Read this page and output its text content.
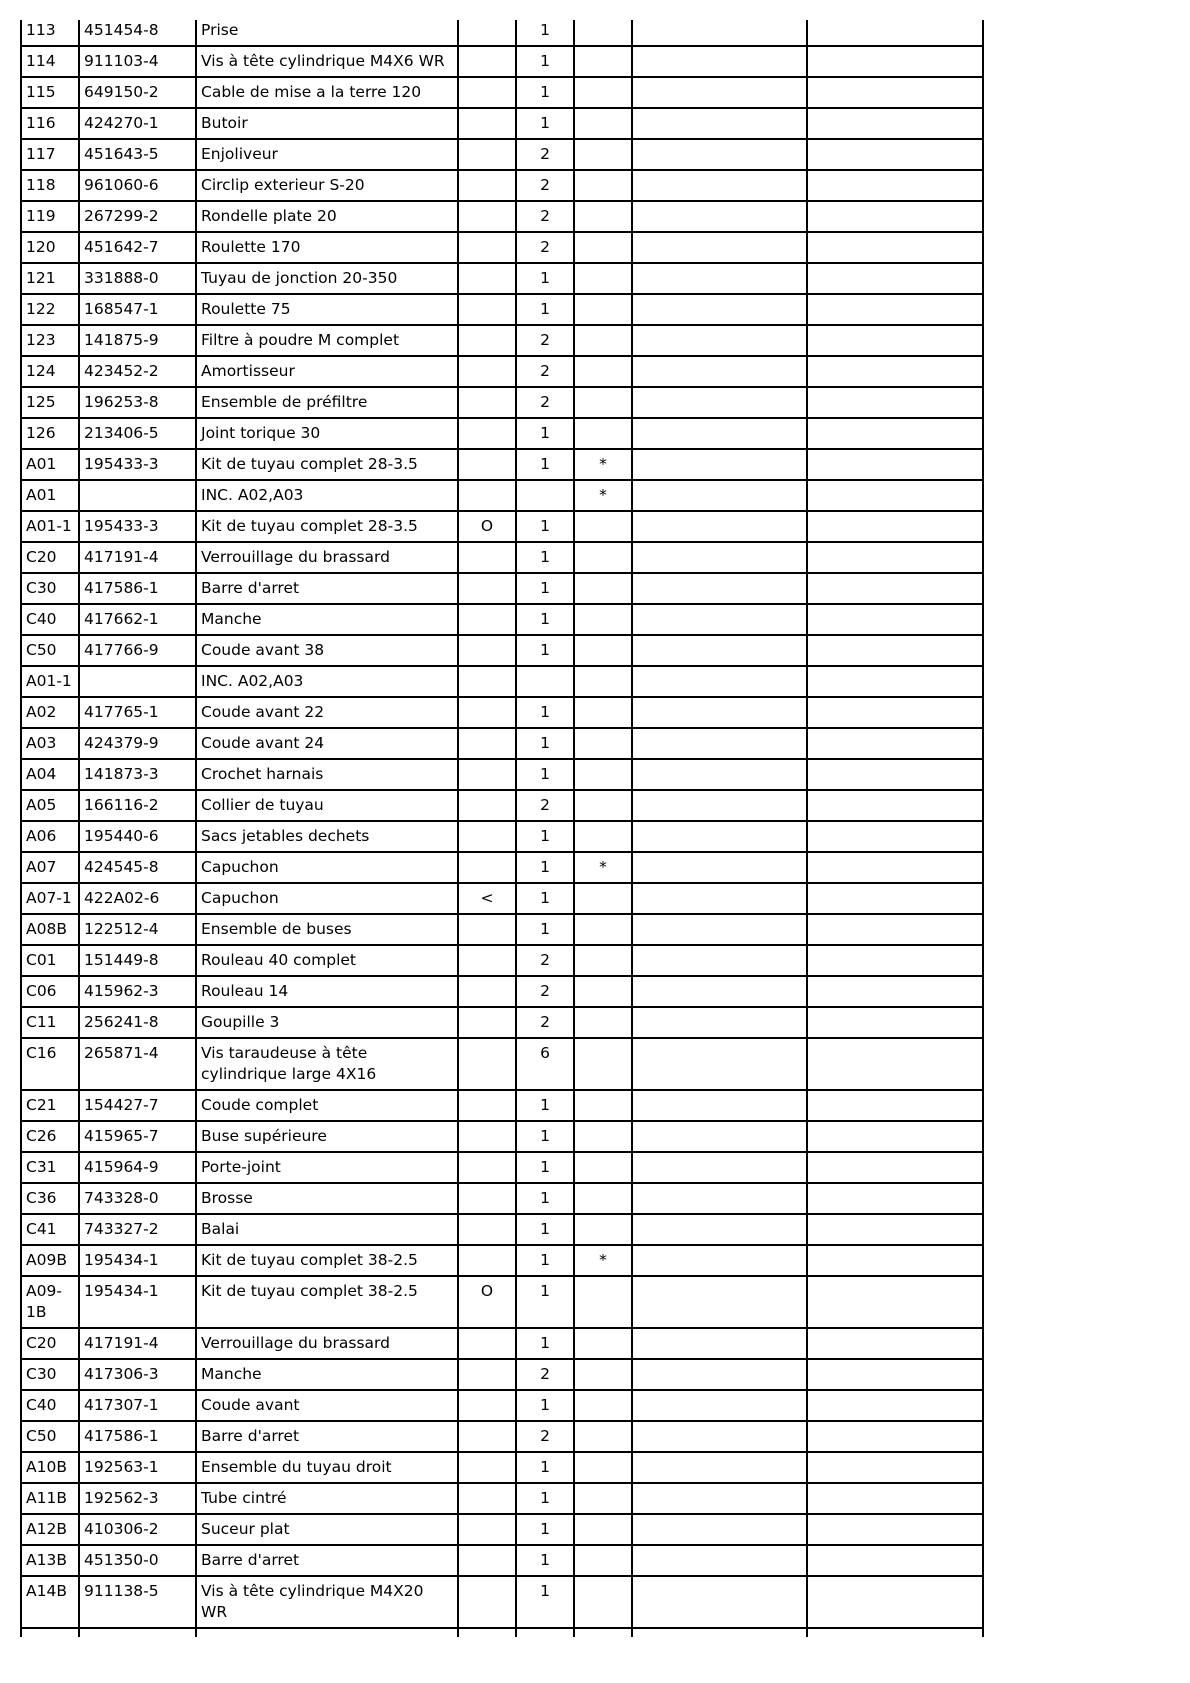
113	451454-8	Prise		1			
114	911103-4	Vis à tête cylindrique M4X6 WR		1			
115	649150-2	Cable de mise a la terre 120		1			
116	424270-1	Butoir		1			
117	451643-5	Enjoliveur		2			
118	961060-6	Circlip exterieur S-20		2			
119	267299-2	Rondelle plate 20		2			
120	451642-7	Roulette 170		2			
121	331888-0	Tuyau de jonction 20-350		1			
122	168547-1	Roulette 75		1			
123	141875-9	Filtre à poudre M complet		2			
124	423452-2	Amortisseur		2			
125	196253-8	Ensemble de préfiltre		2			
126	213406-5	Joint torique 30		1			
A01	195433-3	Kit de tuyau complet 28-3.5		1	*		
A01		INC. A02,A03			*		
A01-1	195433-3	Kit de tuyau complet 28-3.5	O	1			
C20	417191-4	Verrouillage du brassard		1			
C30	417586-1	Barre d'arret		1			
C40	417662-1	Manche		1			
C50	417766-9	Coude avant 38		1			
A01-1		INC. A02,A03					
A02	417765-1	Coude avant 22		1			
A03	424379-9	Coude avant 24		1			
A04	141873-3	Crochet harnais		1			
A05	166116-2	Collier de tuyau		2			
A06	195440-6	Sacs jetables dechets		1			
A07	424545-8	Capuchon		1	*		
A07-1	422A02-6	Capuchon	<	1			
A08B	122512-4	Ensemble de buses		1			
C01	151449-8	Rouleau 40 complet		2			
C06	415962-3	Rouleau 14		2			
C11	256241-8	Goupille 3		2			
C16	265871-4	Vis taraudeuse à tête cylindrique large 4X16		6			
C21	154427-7	Coude complet		1			
C26	415965-7	Buse supérieure		1			
C31	415964-9	Porte-joint		1			
C36	743328-0	Brosse		1			
C41	743327-2	Balai		1			
A09B	195434-1	Kit de tuyau complet 38-2.5		1	*		
A09-1B	195434-1	Kit de tuyau complet 38-2.5	O	1			
C20	417191-4	Verrouillage du brassard		1			
C30	417306-3	Manche		2			
C40	417307-1	Coude avant		1			
C50	417586-1	Barre d'arret		2			
A10B	192563-1	Ensemble du tuyau droit		1			
A11B	192562-3	Tube cintré		1			
A12B	410306-2	Suceur plat		1			
A13B	451350-0	Barre d'arret		1			
A14B	911138-5	Vis à tête cylindrique M4X20 WR		1			
